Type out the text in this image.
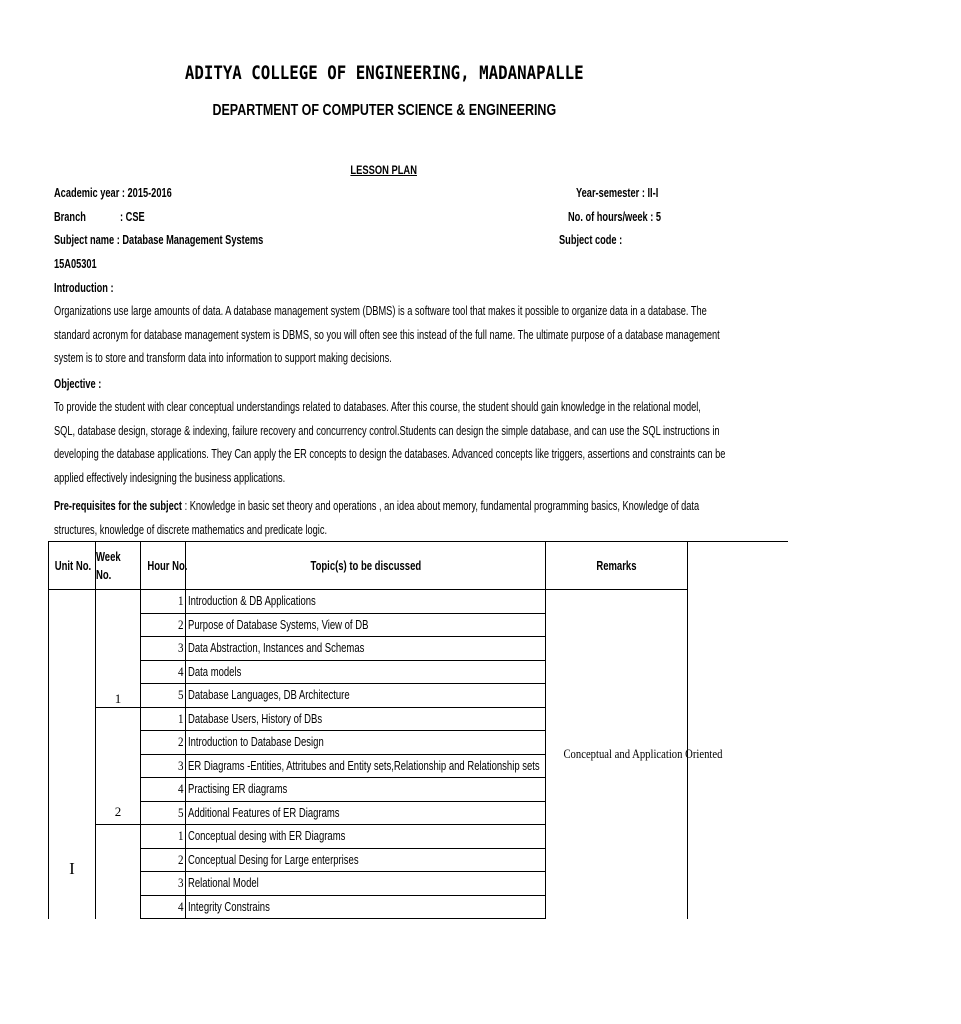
ADITYA COLLEGE OF ENGINEERING, MADANAPALLE
DEPARTMENT OF COMPUTER SCIENCE & ENGINEERING
LESSON PLAN
Academic year : 2015-2016	Year-semester : II-I
Branch	: CSE	No. of hours/week : 5
Subject name : Database Management Systems	Subject code :
15A05301
Introduction :
Organizations use large amounts of data. A database management system (DBMS) is a software tool that makes it possible to organize data in a database. The
standard acronym for database management system is DBMS, so you will often see this instead of the full name. The ultimate purpose of a database management
system is to store and transform data into information to support making decisions.
Objective :
To provide the student with clear conceptual understandings related to databases. After this course, the student should gain knowledge in the relational model,
SQL, database design, storage & indexing, failure recovery and concurrency control.Students can design the simple database, and can use the SQL instructions in
developing the database applications. They Can apply the ER concepts to design the databases. Advanced concepts like triggers, assertions and constraints can be
applied effectively indesigning the business applications.
Pre-requisites for the subject : Knowledge in basic set theory and operations , an idea about memory, fundamental programming basics, Knowledge of data
structures, knowledge of discrete mathematics and predicate logic.
Unit No.	Week No.	Hour No.	Topic(s) to be discussed	Remarks	
I	1	1	Introduction & DB Applications	Conceptual and Application Oriented	
		2	Purpose of Database Systems, View of DB		
		3	Data Abstraction, Instances and Schemas		
		4	Data models		
		5	Database Languages, DB Architecture		
	2	1	Database Users, History of DBs		
		2	Introduction to Database Design		
		3	ER Diagrams -Entities, Attritubes and Entity sets,Relationship and Relationship sets		
		4	Practising ER diagrams		
		5	Additional Features of ER Diagrams		
		1	Conceptual desing with ER Diagrams		
		2	Conceptual Desing for Large enterprises		
		3	Relational Model		
		4	Integrity Constrains		
